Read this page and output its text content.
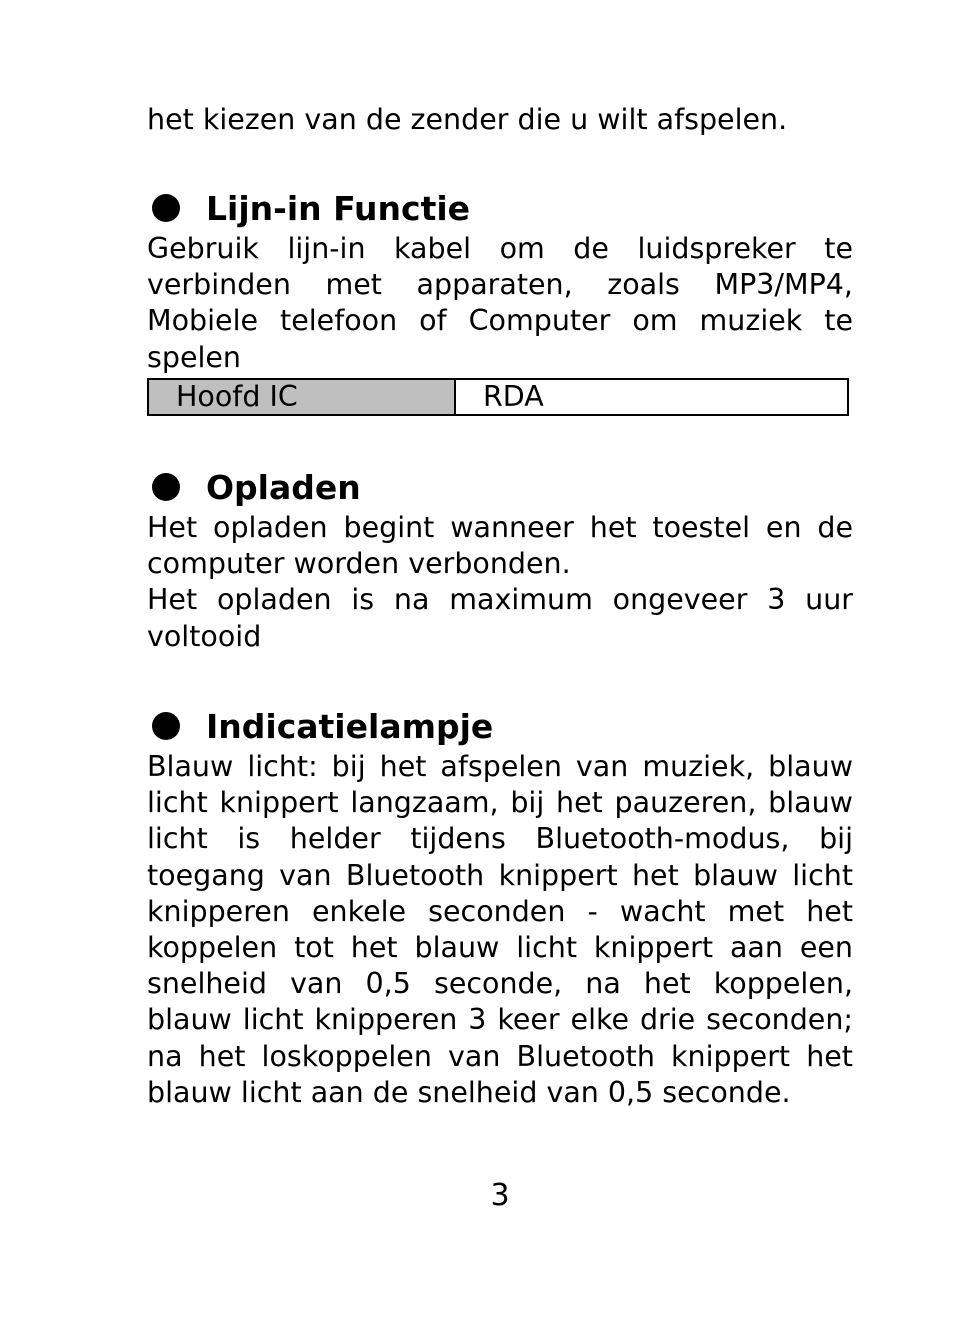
het kiezen van de zender die u wilt afspelen.

Lijn-in Functie

Gebruik lijn-in kabel om de luidspreker te verbinden met apparaten, zoals MP3/MP4, Mobiele telefoon of Computer om muziek te spelen

Hoofd IC	RDA
Opladen

Het opladen begint wanneer het toestel en de computer worden verbonden.

Het opladen is na maximum ongeveer 3 uur voltooid

Indicatielampje

Blauw licht: bij het afspelen van muziek, blauw licht knippert langzaam, bij het pauzeren, blauw licht is helder tijdens Bluetooth-modus, bij toegang van Bluetooth knippert het blauw licht knipperen enkele seconden - wacht met het koppelen tot het blauw licht knippert aan een snelheid van 0,5 seconde, na het koppelen, blauw licht knipperen 3 keer elke drie seconden; na het loskoppelen van Bluetooth knippert het blauw licht aan de snelheid van 0,5 seconde.

3
